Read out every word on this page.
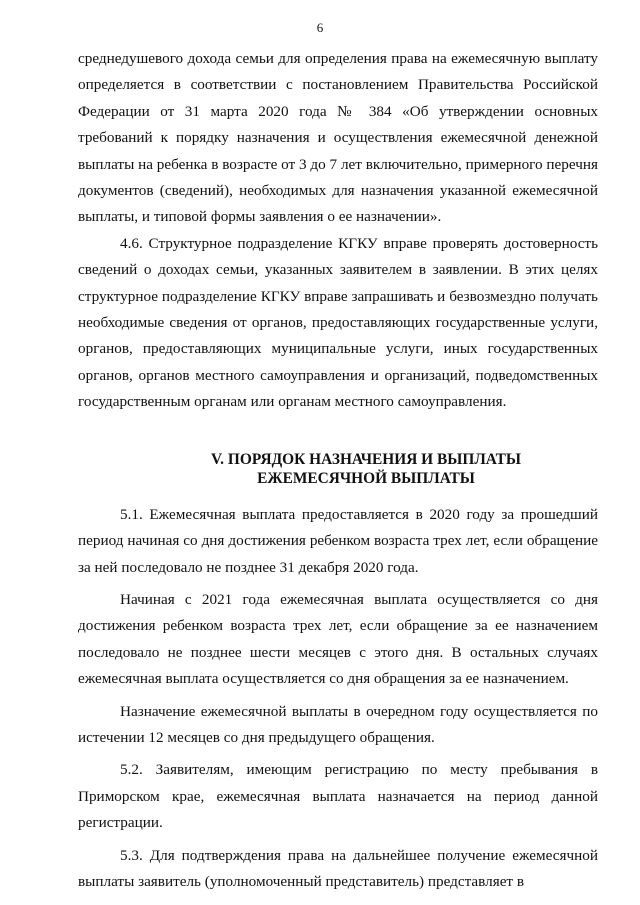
6

среднедушевого дохода семьи для определения права на ежемесячную выплату определяется в соответствии с постановлением Правительства Российской Федерации от 31 марта 2020 года № 384 «Об утверждении основных требований к порядку назначения и осуществления ежемесячной денежной выплаты на ребенка в возрасте от 3 до 7 лет включительно, примерного перечня документов (сведений), необходимых для назначения указанной ежемесячной выплаты, и типовой формы заявления о ее назначении».

4.6. Структурное подразделение КГКУ вправе проверять достоверность сведений о доходах семьи, указанных заявителем в заявлении. В этих целях структурное подразделение КГКУ вправе запрашивать и безвозмездно получать необходимые сведения от органов, предоставляющих государственные услуги, органов, предоставляющих муниципальные услуги, иных государственных органов, органов местного самоуправления и организаций, подведомственных государственным органам или органам местного самоуправления.

V. ПОРЯДОК НАЗНАЧЕНИЯ И ВЫПЛАТЫ
ЕЖЕМЕСЯЧНОЙ ВЫПЛАТЫ

5.1. Ежемесячная выплата предоставляется в 2020 году за прошедший период начиная со дня достижения ребенком возраста трех лет, если обращение за ней последовало не позднее 31 декабря 2020 года.

Начиная с 2021 года ежемесячная выплата осуществляется со дня достижения ребенком возраста трех лет, если обращение за ее назначением последовало не позднее шести месяцев с этого дня. В остальных случаях ежемесячная выплата осуществляется со дня обращения за ее назначением.

Назначение ежемесячной выплаты в очередном году осуществляется по истечении 12 месяцев со дня предыдущего обращения.

5.2. Заявителям, имеющим регистрацию по месту пребывания в Приморском крае, ежемесячная выплата назначается на период данной регистрации.

5.3. Для подтверждения права на дальнейшее получение ежемесячной выплаты заявитель (уполномоченный представитель) представляет в
